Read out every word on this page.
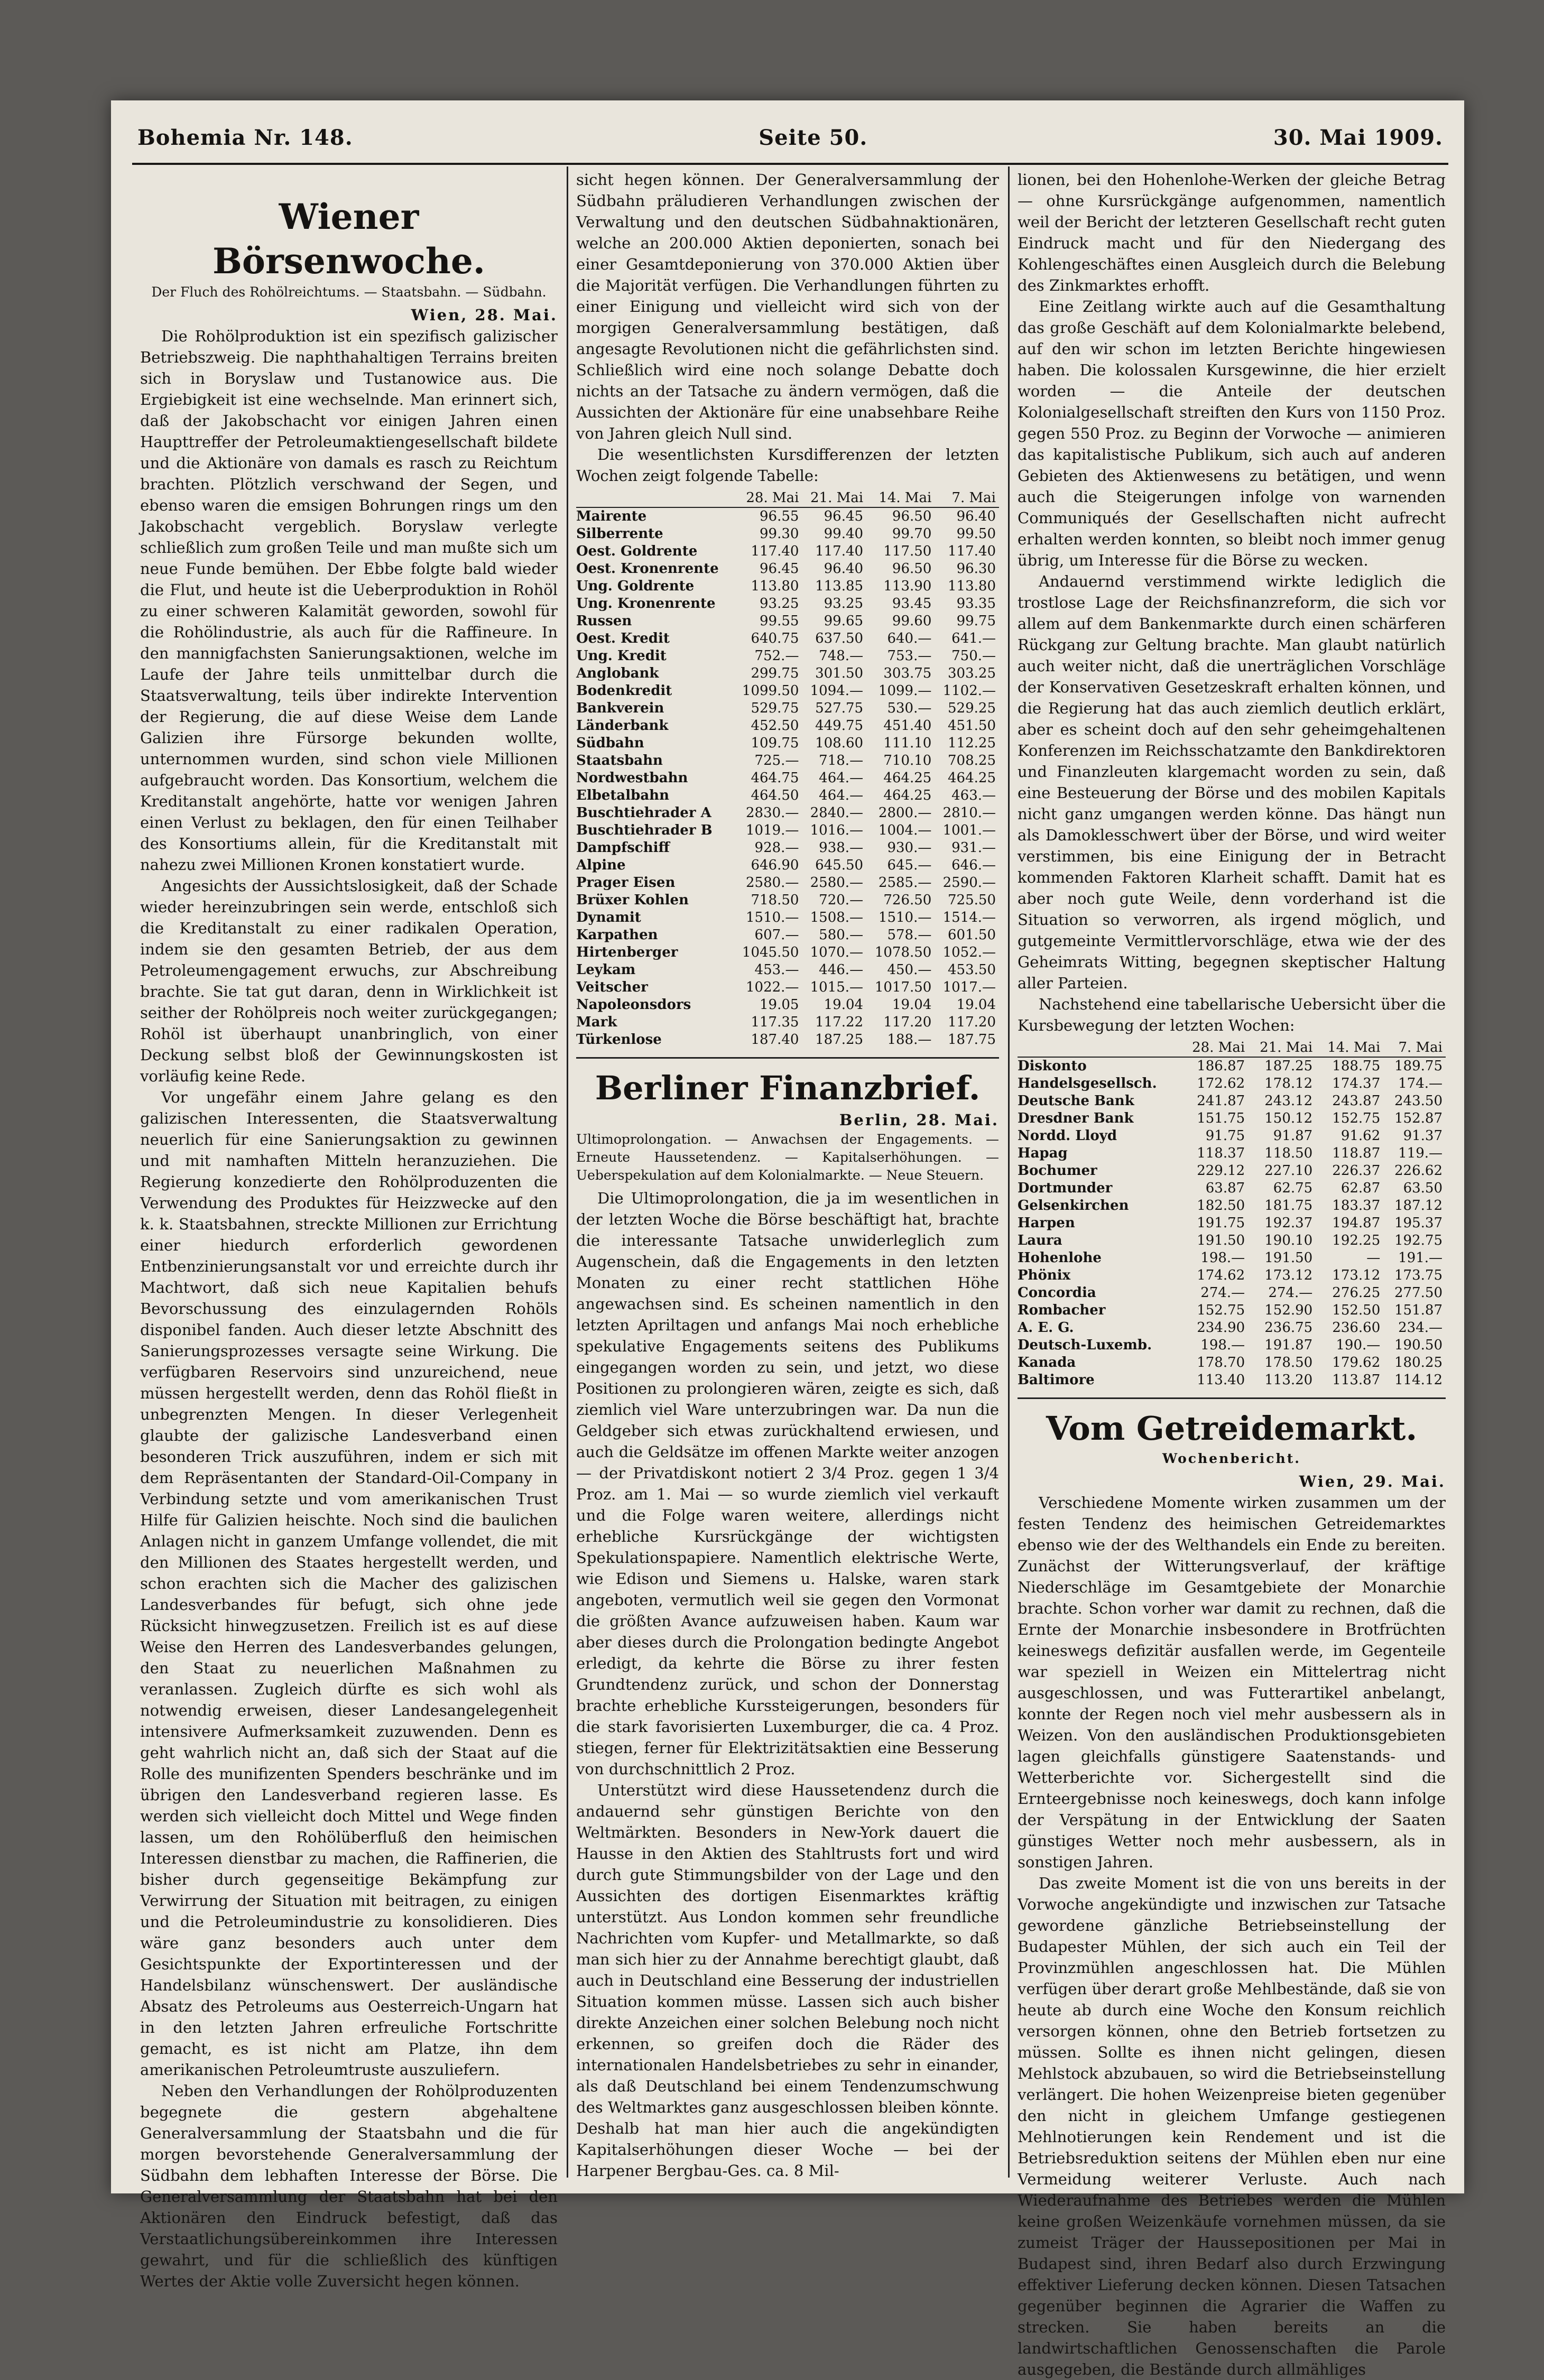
Bohemia Nr. 148.	Seite 50.	30. Mai 1909.
Wiener Börsenwoche.
Der Fluch des Rohölreichtums. — Staatsbahn. — Südbahn.
Wien, 28. Mai.

Die Rohölproduktion ist ein spezifisch galizischer Betriebszweig. Die naphthahaltigen Terrains breiten sich in Boryslaw und Tustanowice aus. Die Ergiebigkeit ist eine wechselnde. Man erinnert sich, daß der Jakobschacht vor einigen Jahren einen Haupttreffer der Petroleumaktiengesellschaft bildete und die Aktionäre von damals es rasch zu Reichtum brachten. Plötzlich verschwand der Segen, und ebenso waren die emsigen Bohrungen rings um den Jakobschacht vergeblich. Boryslaw verlegte schließlich zum großen Teile und man mußte sich um neue Funde bemühen. Der Ebbe folgte bald wieder die Flut, und heute ist die Ueberproduktion in Rohöl zu einer schweren Kalamität geworden, sowohl für die Rohölindustrie, als auch für die Raffineure. In den mannigfachsten Sanierungsaktionen, welche im Laufe der Jahre teils unmittelbar durch die Staatsverwaltung, teils über indirekte Intervention der Regierung, die auf diese Weise dem Lande Galizien ihre Fürsorge bekunden wollte, unternommen wurden, sind schon viele Millionen aufgebraucht worden. Das Konsortium, welchem die Kreditanstalt angehörte, hatte vor wenigen Jahren einen Verlust zu beklagen, den für einen Teilhaber des Konsortiums allein, für die Kreditanstalt mit nahezu zwei Millionen Kronen konstatiert wurde.

Angesichts der Aussichtslosigkeit, daß der Schade wieder hereinzubringen sein werde, entschloß sich die Kreditanstalt zu einer radikalen Operation, indem sie den gesamten Betrieb, der aus dem Petroleumengagement erwuchs, zur Abschreibung brachte. Sie tat gut daran, denn in Wirklichkeit ist seither der Rohölpreis noch weiter zurückgegangen; Rohöl ist überhaupt unanbringlich, von einer Deckung selbst bloß der Gewinnungskosten ist vorläufig keine Rede.

Vor ungefähr einem Jahre gelang es den galizischen Interessenten, die Staatsverwaltung neuerlich für eine Sanierungsaktion zu gewinnen und mit namhaften Mitteln heranzuziehen. Die Regierung konzedierte den Rohölproduzenten die Verwendung des Produktes für Heizzwecke auf den k. k. Staatsbahnen, streckte Millionen zur Errichtung einer hiedurch erforderlich gewordenen Entbenzinierungsanstalt vor und erreichte durch ihr Machtwort, daß sich neue Kapitalien behufs Bevorschussung des einzulagernden Rohöls disponibel fanden. Auch dieser letzte Abschnitt des Sanierungsprozesses versagte seine Wirkung. Die verfügbaren Reservoirs sind unzureichend, neue müssen hergestellt werden, denn das Rohöl fließt in unbegrenzten Mengen. In dieser Verlegenheit glaubte der galizische Landesverband einen besonderen Trick auszuführen, indem er sich mit dem Repräsentanten der Standard-Oil-Company in Verbindung setzte und vom amerikanischen Trust Hilfe für Galizien heischte. Noch sind die baulichen Anlagen nicht in ganzem Umfange vollendet, die mit den Millionen des Staates hergestellt werden, und schon erachten sich die Macher des galizischen Landesverbandes für befugt, sich ohne jede Rücksicht hinwegzusetzen. Freilich ist es auf diese Weise den Herren des Landesverbandes gelungen, den Staat zu neuerlichen Maßnahmen zu veranlassen. Zugleich dürfte es sich wohl als notwendig erweisen, dieser Landesangelegenheit intensivere Aufmerksamkeit zuzuwenden. Denn es geht wahrlich nicht an, daß sich der Staat auf die Rolle des munifizenten Spenders beschränke und im übrigen den Landesverband regieren lasse. Es werden sich vielleicht doch Mittel und Wege finden lassen, um den Rohölüberfluß den heimischen Interessen dienstbar zu machen, die Raffinerien, die bisher durch gegenseitige Bekämpfung zur Verwirrung der Situation mit beitragen, zu einigen und die Petroleumindustrie zu konsolidieren. Dies wäre ganz besonders auch unter dem Gesichtspunkte der Exportinteressen und der Handelsbilanz wünschenswert. Der ausländische Absatz des Petroleums aus Oesterreich-Ungarn hat in den letzten Jahren erfreuliche Fortschritte gemacht, es ist nicht am Platze, ihn dem amerikanischen Petroleumtruste auszuliefern.

Neben den Verhandlungen der Rohölproduzenten begegnete die gestern abgehaltene Generalversammlung der Staatsbahn und die für morgen bevorstehende Generalversammlung der Südbahn dem lebhaften Interesse der Börse. Die Generalversammlung der Staatsbahn hat bei den Aktionären den Eindruck befestigt, daß das Verstaatlichungsübereinkommen ihre Interessen gewahrt, und für die schließlich des künftigen Wertes der Aktie volle Zuversicht hegen können.

sicht hegen können. Der Generalversammlung der Südbahn präludieren Verhandlungen zwischen der Verwaltung und den deutschen Südbahnaktionären, welche an 200.000 Aktien deponierten, sonach bei einer Gesamtdeponierung von 370.000 Aktien über die Majorität verfügen. Die Verhandlungen führten zu einer Einigung und vielleicht wird sich von der morgigen Generalversammlung bestätigen, daß angesagte Revolutionen nicht die gefährlichsten sind. Schließlich wird eine noch solange Debatte doch nichts an der Tatsache zu ändern vermögen, daß die Aussichten der Aktionäre für eine unabsehbare Reihe von Jahren gleich Null sind.

Die wesentlichsten Kursdifferenzen der letzten Wochen zeigt folgende Tabelle:

	28. Mai	21. Mai	14. Mai	7. Mai
Mairente	96.55	96.45	96.50	96.40
Silberrente	99.30	99.40	99.70	99.50
Oest. Goldrente	117.40	117.40	117.50	117.40
Oest. Kronenrente	96.45	96.40	96.50	96.30
Ung. Goldrente	113.80	113.85	113.90	113.80
Ung. Kronenrente	93.25	93.25	93.45	93.35
Russen	99.55	99.65	99.60	99.75
Oest. Kredit	640.75	637.50	640.—	641.—
Ung. Kredit	752.—	748.—	753.—	750.—
Anglobank	299.75	301.50	303.75	303.25
Bodenkredit	1099.50	1094.—	1099.—	1102.—
Bankverein	529.75	527.75	530.—	529.25
Länderbank	452.50	449.75	451.40	451.50
Südbahn	109.75	108.60	111.10	112.25
Staatsbahn	725.—	718.—	710.10	708.25
Nordwestbahn	464.75	464.—	464.25	464.25
Elbetalbahn	464.50	464.—	464.25	463.—
Buschtiehrader A	2830.—	2840.—	2800.—	2810.—
Buschtiehrader B	1019.—	1016.—	1004.—	1001.—
Dampfschiff	928.—	938.—	930.—	931.—
Alpine	646.90	645.50	645.—	646.—
Prager Eisen	2580.—	2580.—	2585.—	2590.—
Brüxer Kohlen	718.50	720.—	726.50	725.50
Dynamit	1510.—	1508.—	1510.—	1514.—
Karpathen	607.—	580.—	578.—	601.50
Hirtenberger	1045.50	1070.—	1078.50	1052.—
Leykam	453.—	446.—	450.—	453.50
Veitscher	1022.—	1015.—	1017.50	1017.—
Napoleonsdors	19.05	19.04	19.04	19.04
Mark	117.35	117.22	117.20	117.20
Türkenlose	187.40	187.25	188.—	187.75
Berliner Finanzbrief.
Berlin, 28. Mai.
Ultimoprolongation. — Anwachsen der Engagements. — Erneute Haussetendenz. — Kapitalserhöhungen. — Ueberspekulation auf dem Kolonialmarkte. — Neue Steuern.

Die Ultimoprolongation, die ja im wesentlichen in der letzten Woche die Börse beschäftigt hat, brachte die interessante Tatsache unwiderleglich zum Augenschein, daß die Engagements in den letzten Monaten zu einer recht stattlichen Höhe angewachsen sind. Es scheinen namentlich in den letzten Apriltagen und anfangs Mai noch erhebliche spekulative Engagements seitens des Publikums eingegangen worden zu sein, und jetzt, wo diese Positionen zu prolongieren wären, zeigte es sich, daß ziemlich viel Ware unterzubringen war. Da nun die Geldgeber sich etwas zurückhaltend erwiesen, und auch die Geldsätze im offenen Markte weiter anzogen — der Privatdiskont notiert 2 3/4 Proz. gegen 1 3/4 Proz. am 1. Mai — so wurde ziemlich viel verkauft und die Folge waren weitere, allerdings nicht erhebliche Kursrückgänge der wichtigsten Spekulationspapiere. Namentlich elektrische Werte, wie Edison und Siemens u. Halske, waren stark angeboten, vermutlich weil sie gegen den Vormonat die größten Avance aufzuweisen haben. Kaum war aber dieses durch die Prolongation bedingte Angebot erledigt, da kehrte die Börse zu ihrer festen Grundtendenz zurück, und schon der Donnerstag brachte erhebliche Kurssteigerungen, besonders für die stark favorisierten Luxemburger, die ca. 4 Proz. stiegen, ferner für Elektrizitätsaktien eine Besserung von durchschnittlich 2 Proz.

Unterstützt wird diese Haussetendenz durch die andauernd sehr günstigen Berichte von den Weltmärkten. Besonders in New-York dauert die Hausse in den Aktien des Stahltrusts fort und wird durch gute Stimmungsbilder von der Lage und den Aussichten des dortigen Eisenmarktes kräftig unterstützt. Aus London kommen sehr freundliche Nachrichten vom Kupfer- und Metallmarkte, so daß man sich hier zu der Annahme berechtigt glaubt, daß auch in Deutschland eine Besserung der industriellen Situation kommen müsse. Lassen sich auch bisher direkte Anzeichen einer solchen Belebung noch nicht erkennen, so greifen doch die Räder des internationalen Handelsbetriebes zu sehr in einander, als daß Deutschland bei einem Tendenzumschwung des Weltmarktes ganz ausgeschlossen bleiben könnte. Deshalb hat man hier auch die angekündigten Kapitalserhöhungen dieser Woche — bei der Harpener Bergbau-Ges. ca. 8 Mil-

lionen, bei den Hohenlohe-Werken der gleiche Betrag — ohne Kursrückgänge aufgenommen, namentlich weil der Bericht der letzteren Gesellschaft recht guten Eindruck macht und für den Niedergang des Kohlengeschäftes einen Ausgleich durch die Belebung des Zinkmarktes erhofft.

Eine Zeitlang wirkte auch auf die Gesamthaltung das große Geschäft auf dem Kolonialmarkte belebend, auf den wir schon im letzten Berichte hingewiesen haben. Die kolossalen Kursgewinne, die hier erzielt worden — die Anteile der deutschen Kolonialgesellschaft streiften den Kurs von 1150 Proz. gegen 550 Proz. zu Beginn der Vorwoche — animieren das kapitalistische Publikum, sich auch auf anderen Gebieten des Aktienwesens zu betätigen, und wenn auch die Steigerungen infolge von warnenden Communiqués der Gesellschaften nicht aufrecht erhalten werden konnten, so bleibt noch immer genug übrig, um Interesse für die Börse zu wecken.

Andauernd verstimmend wirkte lediglich die trostlose Lage der Reichsfinanzreform, die sich vor allem auf dem Bankenmarkte durch einen schärferen Rückgang zur Geltung brachte. Man glaubt natürlich auch weiter nicht, daß die unerträglichen Vorschläge der Konservativen Gesetzeskraft erhalten können, und die Regierung hat das auch ziemlich deutlich erklärt, aber es scheint doch auf den sehr geheimgehaltenen Konferenzen im Reichsschatzamte den Bankdirektoren und Finanzleuten klargemacht worden zu sein, daß eine Besteuerung der Börse und des mobilen Kapitals nicht ganz umgangen werden könne. Das hängt nun als Damoklesschwert über der Börse, und wird weiter verstimmen, bis eine Einigung der in Betracht kommenden Faktoren Klarheit schafft. Damit hat es aber noch gute Weile, denn vorderhand ist die Situation so verworren, als irgend möglich, und gutgemeinte Vermittlervorschläge, etwa wie der des Geheimrats Witting, begegnen skeptischer Haltung aller Parteien.

Nachstehend eine tabellarische Uebersicht über die Kursbewegung der letzten Wochen:

	28. Mai	21. Mai	14. Mai	7. Mai
Diskonto	186.87	187.25	188.75	189.75
Handelsgesellsch.	172.62	178.12	174.37	174.—
Deutsche Bank	241.87	243.12	243.87	243.50
Dresdner Bank	151.75	150.12	152.75	152.87
Nordd. Lloyd	91.75	91.87	91.62	91.37
Hapag	118.37	118.50	118.87	119.—
Bochumer	229.12	227.10	226.37	226.62
Dortmunder	63.87	62.75	62.87	63.50
Gelsenkirchen	182.50	181.75	183.37	187.12
Harpen	191.75	192.37	194.87	195.37
Laura	191.50	190.10	192.25	192.75
Hohenlohe	198.—	191.50	—	191.—
Phönix	174.62	173.12	173.12	173.75
Concordia	274.—	274.—	276.25	277.50
Rombacher	152.75	152.90	152.50	151.87
A. E. G.	234.90	236.75	236.60	234.—
Deutsch-Luxemb.	198.—	191.87	190.—	190.50
Kanada	178.70	178.50	179.62	180.25
Baltimore	113.40	113.20	113.87	114.12
Vom Getreidemarkt.
Wochenbericht.
Wien, 29. Mai.

Verschiedene Momente wirken zusammen um der festen Tendenz des heimischen Getreidemarktes ebenso wie der des Welthandels ein Ende zu bereiten. Zunächst der Witterungsverlauf, der kräftige Niederschläge im Gesamtgebiete der Monarchie brachte. Schon vorher war damit zu rechnen, daß die Ernte der Monarchie insbesondere in Brotfrüchten keineswegs defizitär ausfallen werde, im Gegenteile war speziell in Weizen ein Mittelertrag nicht ausgeschlossen, und was Futterartikel anbelangt, konnte der Regen noch viel mehr ausbessern als in Weizen. Von den ausländischen Produktionsgebieten lagen gleichfalls günstigere Saatenstands- und Wetterberichte vor. Sichergestellt sind die Ernteergebnisse noch keineswegs, doch kann infolge der Verspätung in der Entwicklung der Saaten günstiges Wetter noch mehr ausbessern, als in sonstigen Jahren.

Das zweite Moment ist die von uns bereits in der Vorwoche angekündigte und inzwischen zur Tatsache gewordene gänzliche Betriebseinstellung der Budapester Mühlen, der sich auch ein Teil der Provinzmühlen angeschlossen hat. Die Mühlen verfügen über derart große Mehlbestände, daß sie von heute ab durch eine Woche den Konsum reichlich versorgen können, ohne den Betrieb fortsetzen zu müssen. Sollte es ihnen nicht gelingen, diesen Mehlstock abzubauen, so wird die Betriebseinstellung verlängert. Die hohen Weizenpreise bieten gegenüber den nicht in gleichem Umfange gestiegenen Mehlnotierungen kein Rendement und ist die Betriebsreduktion seitens der Mühlen eben nur eine Vermeidung weiterer Verluste. Auch nach Wiederaufnahme des Betriebes werden die Mühlen keine großen Weizenkäufe vornehmen müssen, da sie zumeist Träger der Haussepositionen per Mai in Budapest sind, ihren Bedarf also durch Erzwingung effektiver Lieferung decken können. Diesen Tatsachen gegenüber beginnen die Agrarier die Waffen zu strecken. Sie haben bereits an die landwirtschaftlichen Genossenschaften die Parole ausgegeben, die Bestände durch allmähliges
